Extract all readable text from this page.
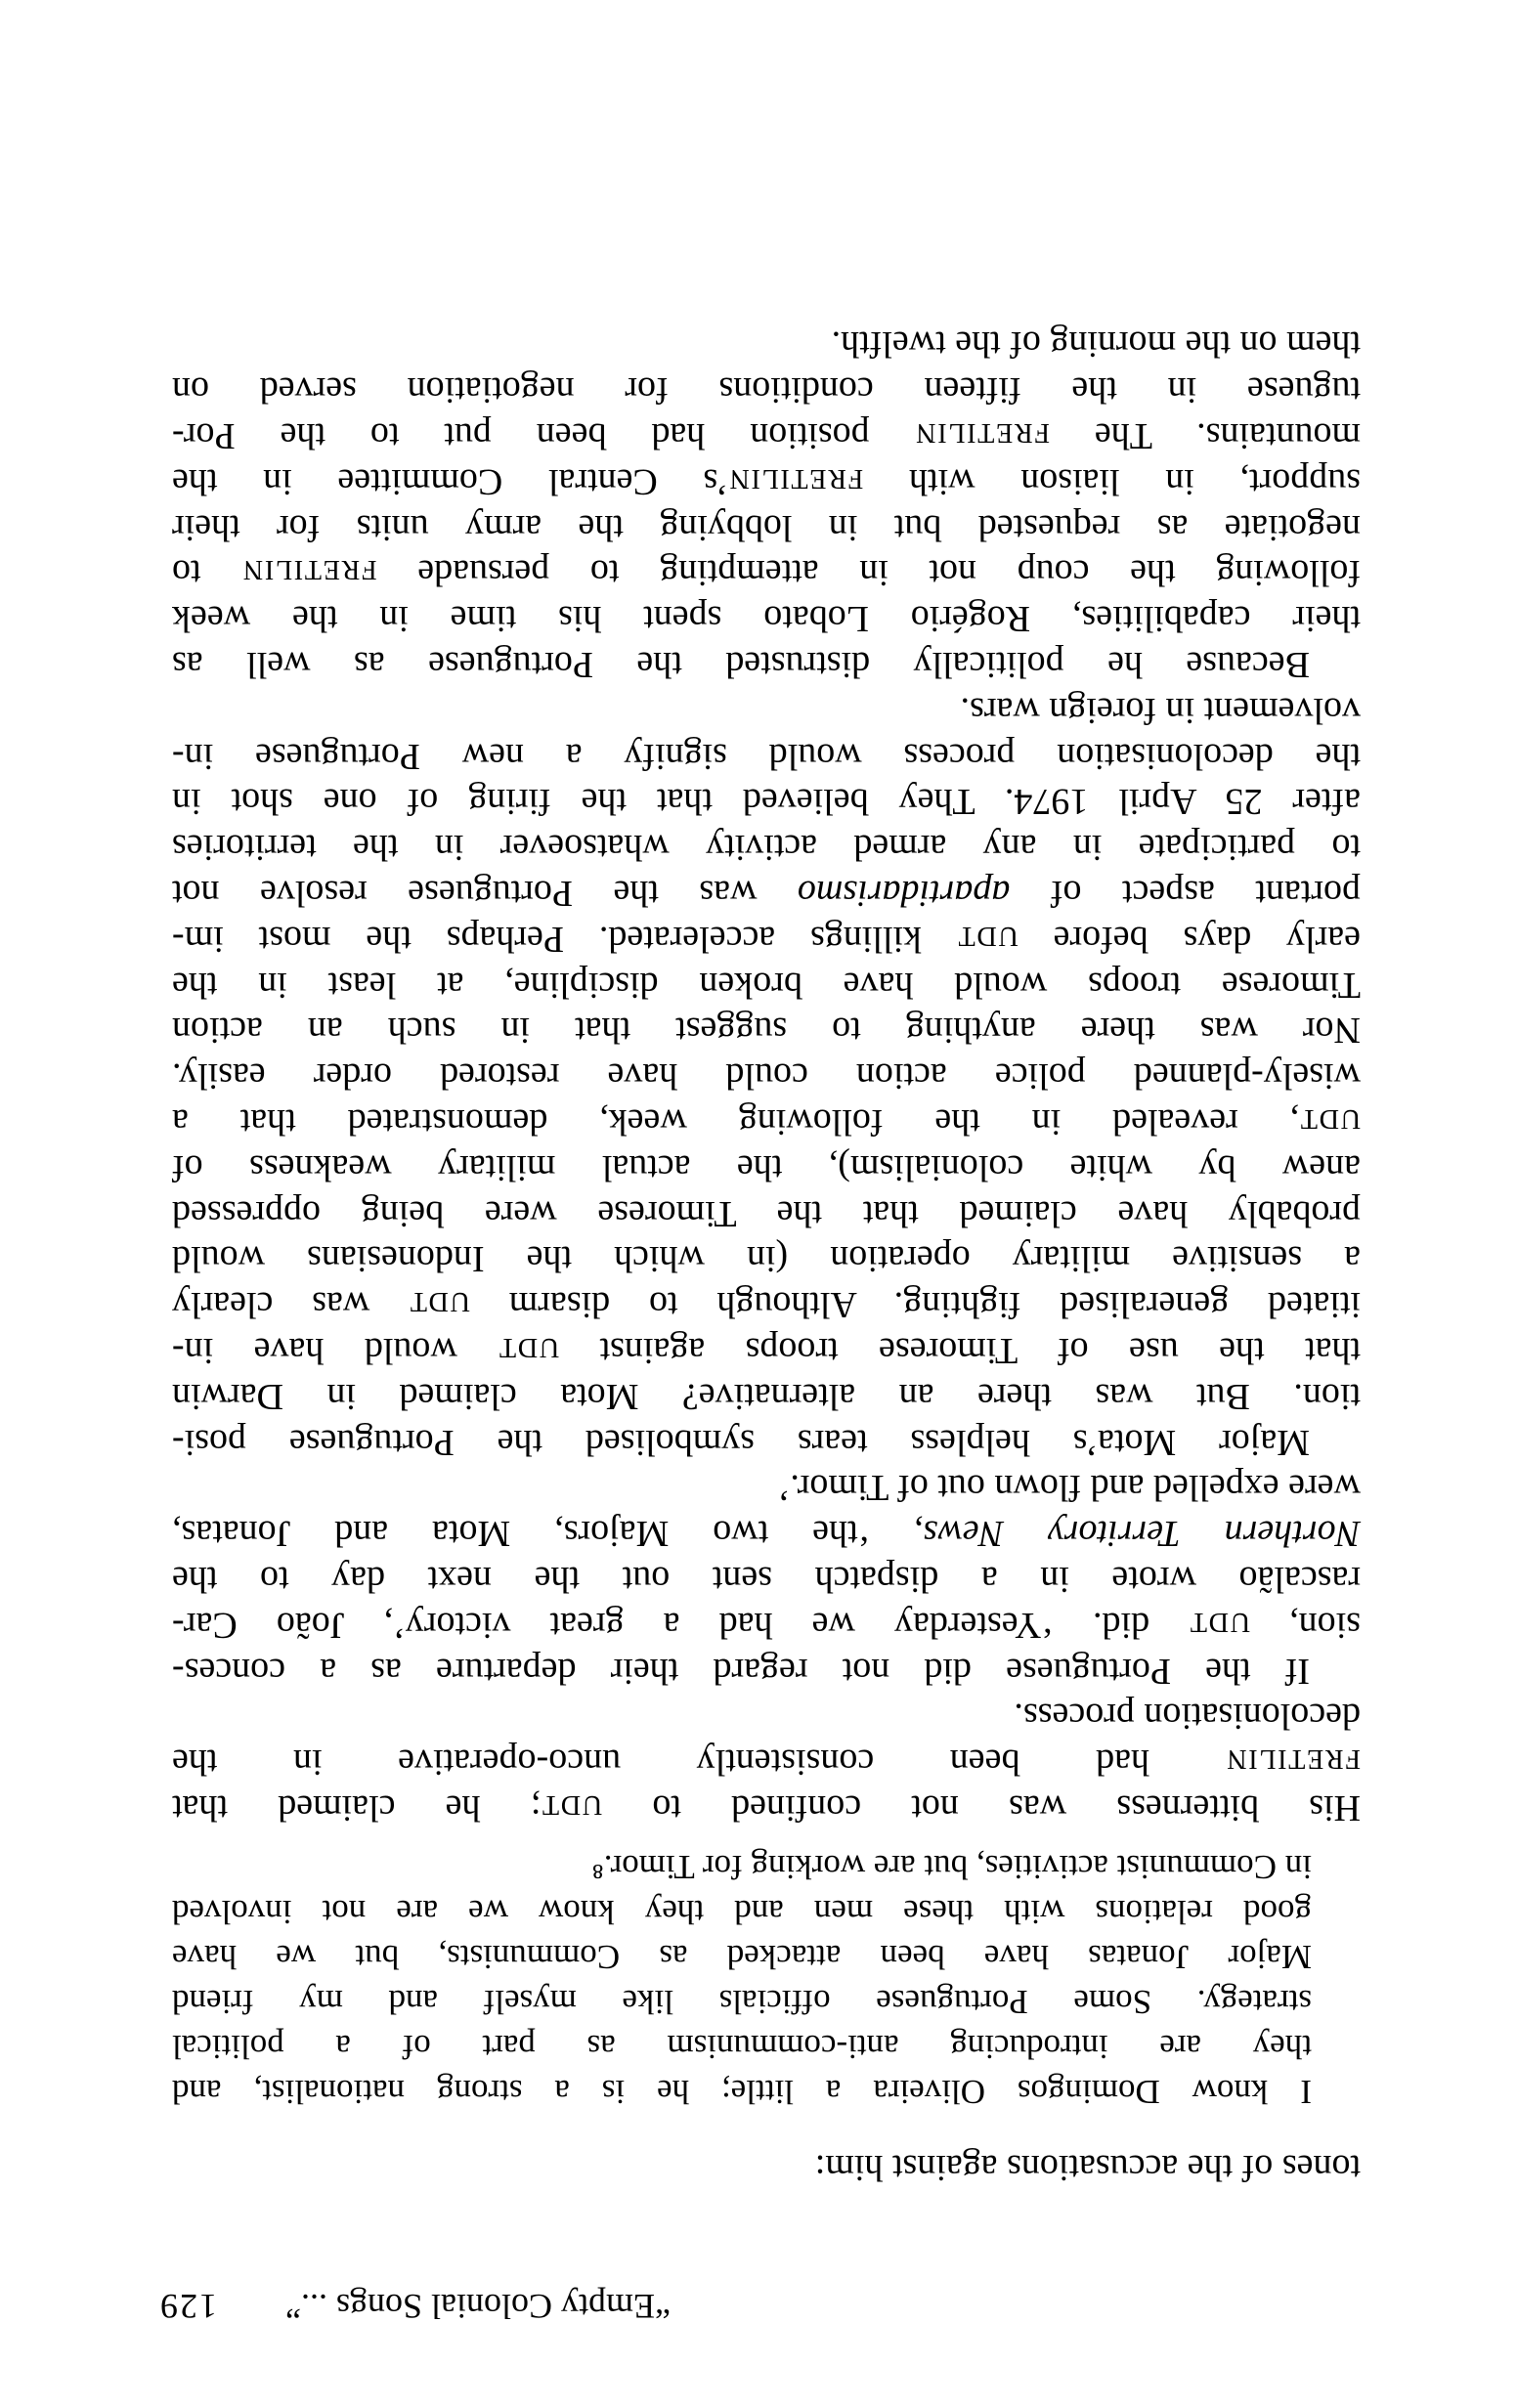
“Empty Colonial Songs ...”129
tones of the accusations against him:
I know Domingos Oliveira a little; he is a strong nationalist, and
they are introducing anti-communism as part of a political
strategy. Some Portuguese officials like myself and my friend
Major Jonatas have been attacked as Communists, but we have
good relations with these men and they know we are not involved
in Communist activities, but are working for Timor.⁸
His bitterness was not confined to UDT; he claimed that
FRETILIN had been consistently unco-operative in the
decolonisation process.
If the Portuguese did not regard their departure as a conces-
sion, UDT did. ‘Yesterday we had a great victory’, João Car-
rascalão wrote in a dispatch sent out the next day to the
Northern Territory News, ‘the two Majors, Mota and Jonatas,
were expelled and flown out of Timor.’
Major Mota’s helpless tears symbolised the Portuguese posi-
tion. But was there an alternative? Mota claimed in Darwin
that the use of Timorese troops against UDT would have in-
itiated generalised fighting. Although to disarm UDT was clearly
a sensitive military operation (in which the Indonesians would
probably have claimed that the Timorese were being oppressed
anew by white colonialism), the actual military weakness of
UDT, revealed in the following week, demonstrated that a
wisely-planned police action could have restored order easily.
Nor was there anything to suggest that in such an action
Timorese troops would have broken discipline, at least in the
early days before UDT killings accelerated. Perhaps the most im-
portant aspect of apartidarismo was the Portuguese resolve not
to participate in any armed activity whatsoever in the territories
after 25 April 1974. They believed that the firing of one shot in
the decolonisation process would signify a new Portuguese in-
volvement in foreign wars.
Because he politically distrusted the Portuguese as well as
their capabilities, Rogério Lobato spent his time in the week
following the coup not in attempting to persuade FRETILIN to
negotiate as requested but in lobbying the army units for their
support, in liaison with FRETILIN’s Central Committee in the
mountains. The FRETILIN position had been put to the Por-
tuguese in the fifteen conditions for negotiation served on
them on the morning of the twelfth.
